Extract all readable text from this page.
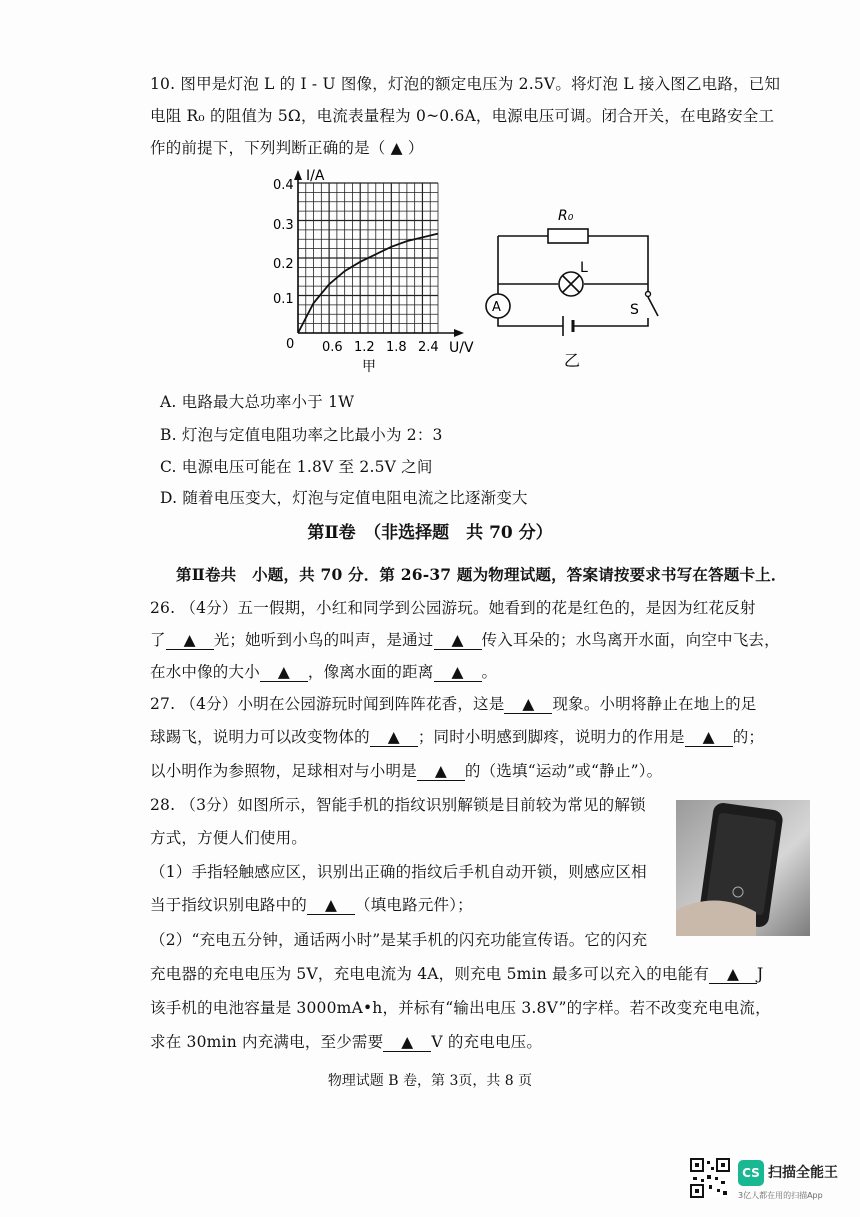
10. 图甲是灯泡 L 的 I - U 图像，灯泡的额定电压为 2.5V。将灯泡 L 接入图乙电路，已知
电阻 R₀ 的阻值为 5Ω，电流表量程为 0~0.6A，电源电压可调。闭合开关，在电路安全工
作的前提下，下列判断正确的是（ ▲ ）
I/A
U/V
0
0.4
0.3
0.2
0.1
0.6 1.2 1.8 2.4
甲
R₀
L
A	S
乙
A. 电路最大总功率小于 1W
B. 灯泡与定值电阻功率之比最小为 2：3
C. 电源电压可能在 1.8V 至 2.5V 之间
D. 随着电压变大，灯泡与定值电阻电流之比逐渐变大
第Ⅱ卷　（非选择题　共 70 分）
第Ⅱ卷共　小题，共 70 分．第 26-37 题为物理试题，答案请按要求书写在答题卡上．
26. （4分）五一假期，小红和同学到公园游玩。她看到的花是红色的，是因为红花反射
了 ▲ 光；她听到小鸟的叫声，是通过 ▲ 传入耳朵的；水鸟离开水面，向空中飞去，
在水中像的大小 ▲ ，像离水面的距离 ▲ 。
27. （4分）小明在公园游玩时闻到阵阵花香，这是 ▲ 现象。小明将静止在地上的足
球踢飞，说明力可以改变物体的 ▲ ；同时小明感到脚疼，说明力的作用是 ▲ 的；
以小明作为参照物，足球相对与小明是 ▲ 的（选填“运动”或“静止”）。
28. （3分）如图所示，智能手机的指纹识别解锁是目前较为常见的解锁
方式，方便人们使用。
（1）手指轻触感应区，识别出正确的指纹后手机自动开锁，则感应区相
当于指纹识别电路中的 ▲ （填电路元件）；
（2）“充电五分钟，通话两小时”是某手机的闪充功能宣传语。它的闪充
充电器的充电电压为 5V，充电电流为 4A，则充电 5min 最多可以充入的电能有 ▲ J
该手机的电池容量是 3000mA•h，并标有“输出电压 3.8V”的字样。若不改变充电电流，
求在 30min 内充满电，至少需要 ▲ V 的充电电压。
物理试题 B 卷，第 3页，共 8 页
CS 扫描全能王
3亿人都在用的扫描App
